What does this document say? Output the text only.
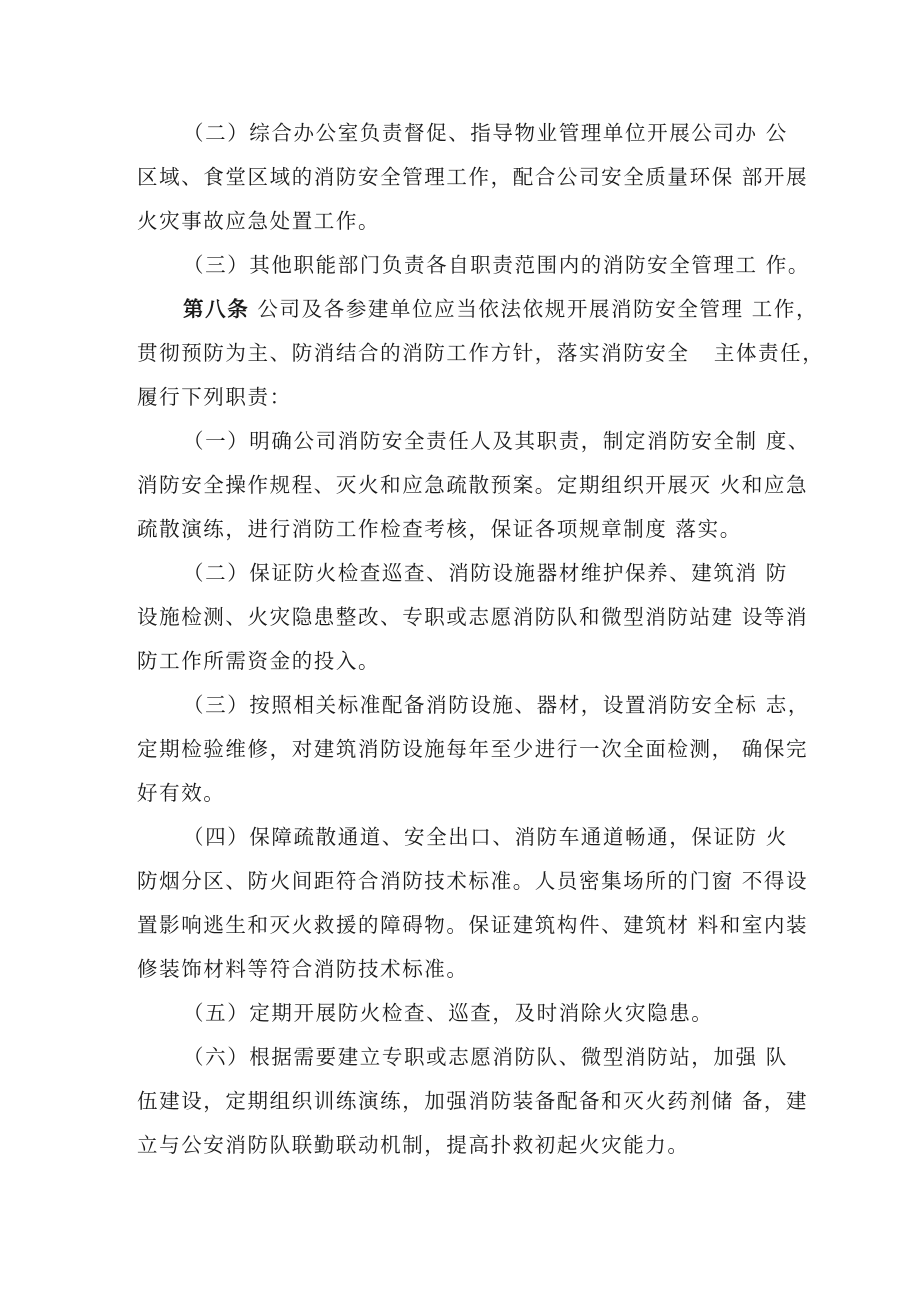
（二）综合办公室负责督促、指导物业管理单位开展公司办 公

区域、食堂区域的消防安全管理工作，配合公司安全质量环保 部开展

火灾事故应急处置工作。

（三）其他职能部门负责各自职责范围内的消防安全管理工 作。

第八条 公司及各参建单位应当依法依规开展消防安全管理 工作，

贯彻预防为主、防消结合的消防工作方针，落实消防安全   主体责任，

履行下列职责：

（一）明确公司消防安全责任人及其职责，制定消防安全制 度、

消防安全操作规程、灭火和应急疏散预案。定期组织开展灭 火和应急

疏散演练，进行消防工作检查考核，保证各项规章制度 落实。

（二）保证防火检查巡查、消防设施器材维护保养、建筑消 防

设施检测、火灾隐患整改、专职或志愿消防队和微型消防站建 设等消

防工作所需资金的投入。

（三）按照相关标准配备消防设施、器材，设置消防安全标 志，

定期检验维修，对建筑消防设施每年至少进行一次全面检测， 确保完

好有效。

（四）保障疏散通道、安全出口、消防车通道畅通，保证防 火

防烟分区、防火间距符合消防技术标准。人员密集场所的门窗 不得设

置影响逃生和灭火救援的障碍物。保证建筑构件、建筑材 料和室内装

修装饰材料等符合消防技术标准。

（五）定期开展防火检查、巡查，及时消除火灾隐患。

（六）根据需要建立专职或志愿消防队、微型消防站，加强 队

伍建设，定期组织训练演练，加强消防装备配备和灭火药剂储 备，建

立与公安消防队联勤联动机制，提高扑救初起火灾能力。
